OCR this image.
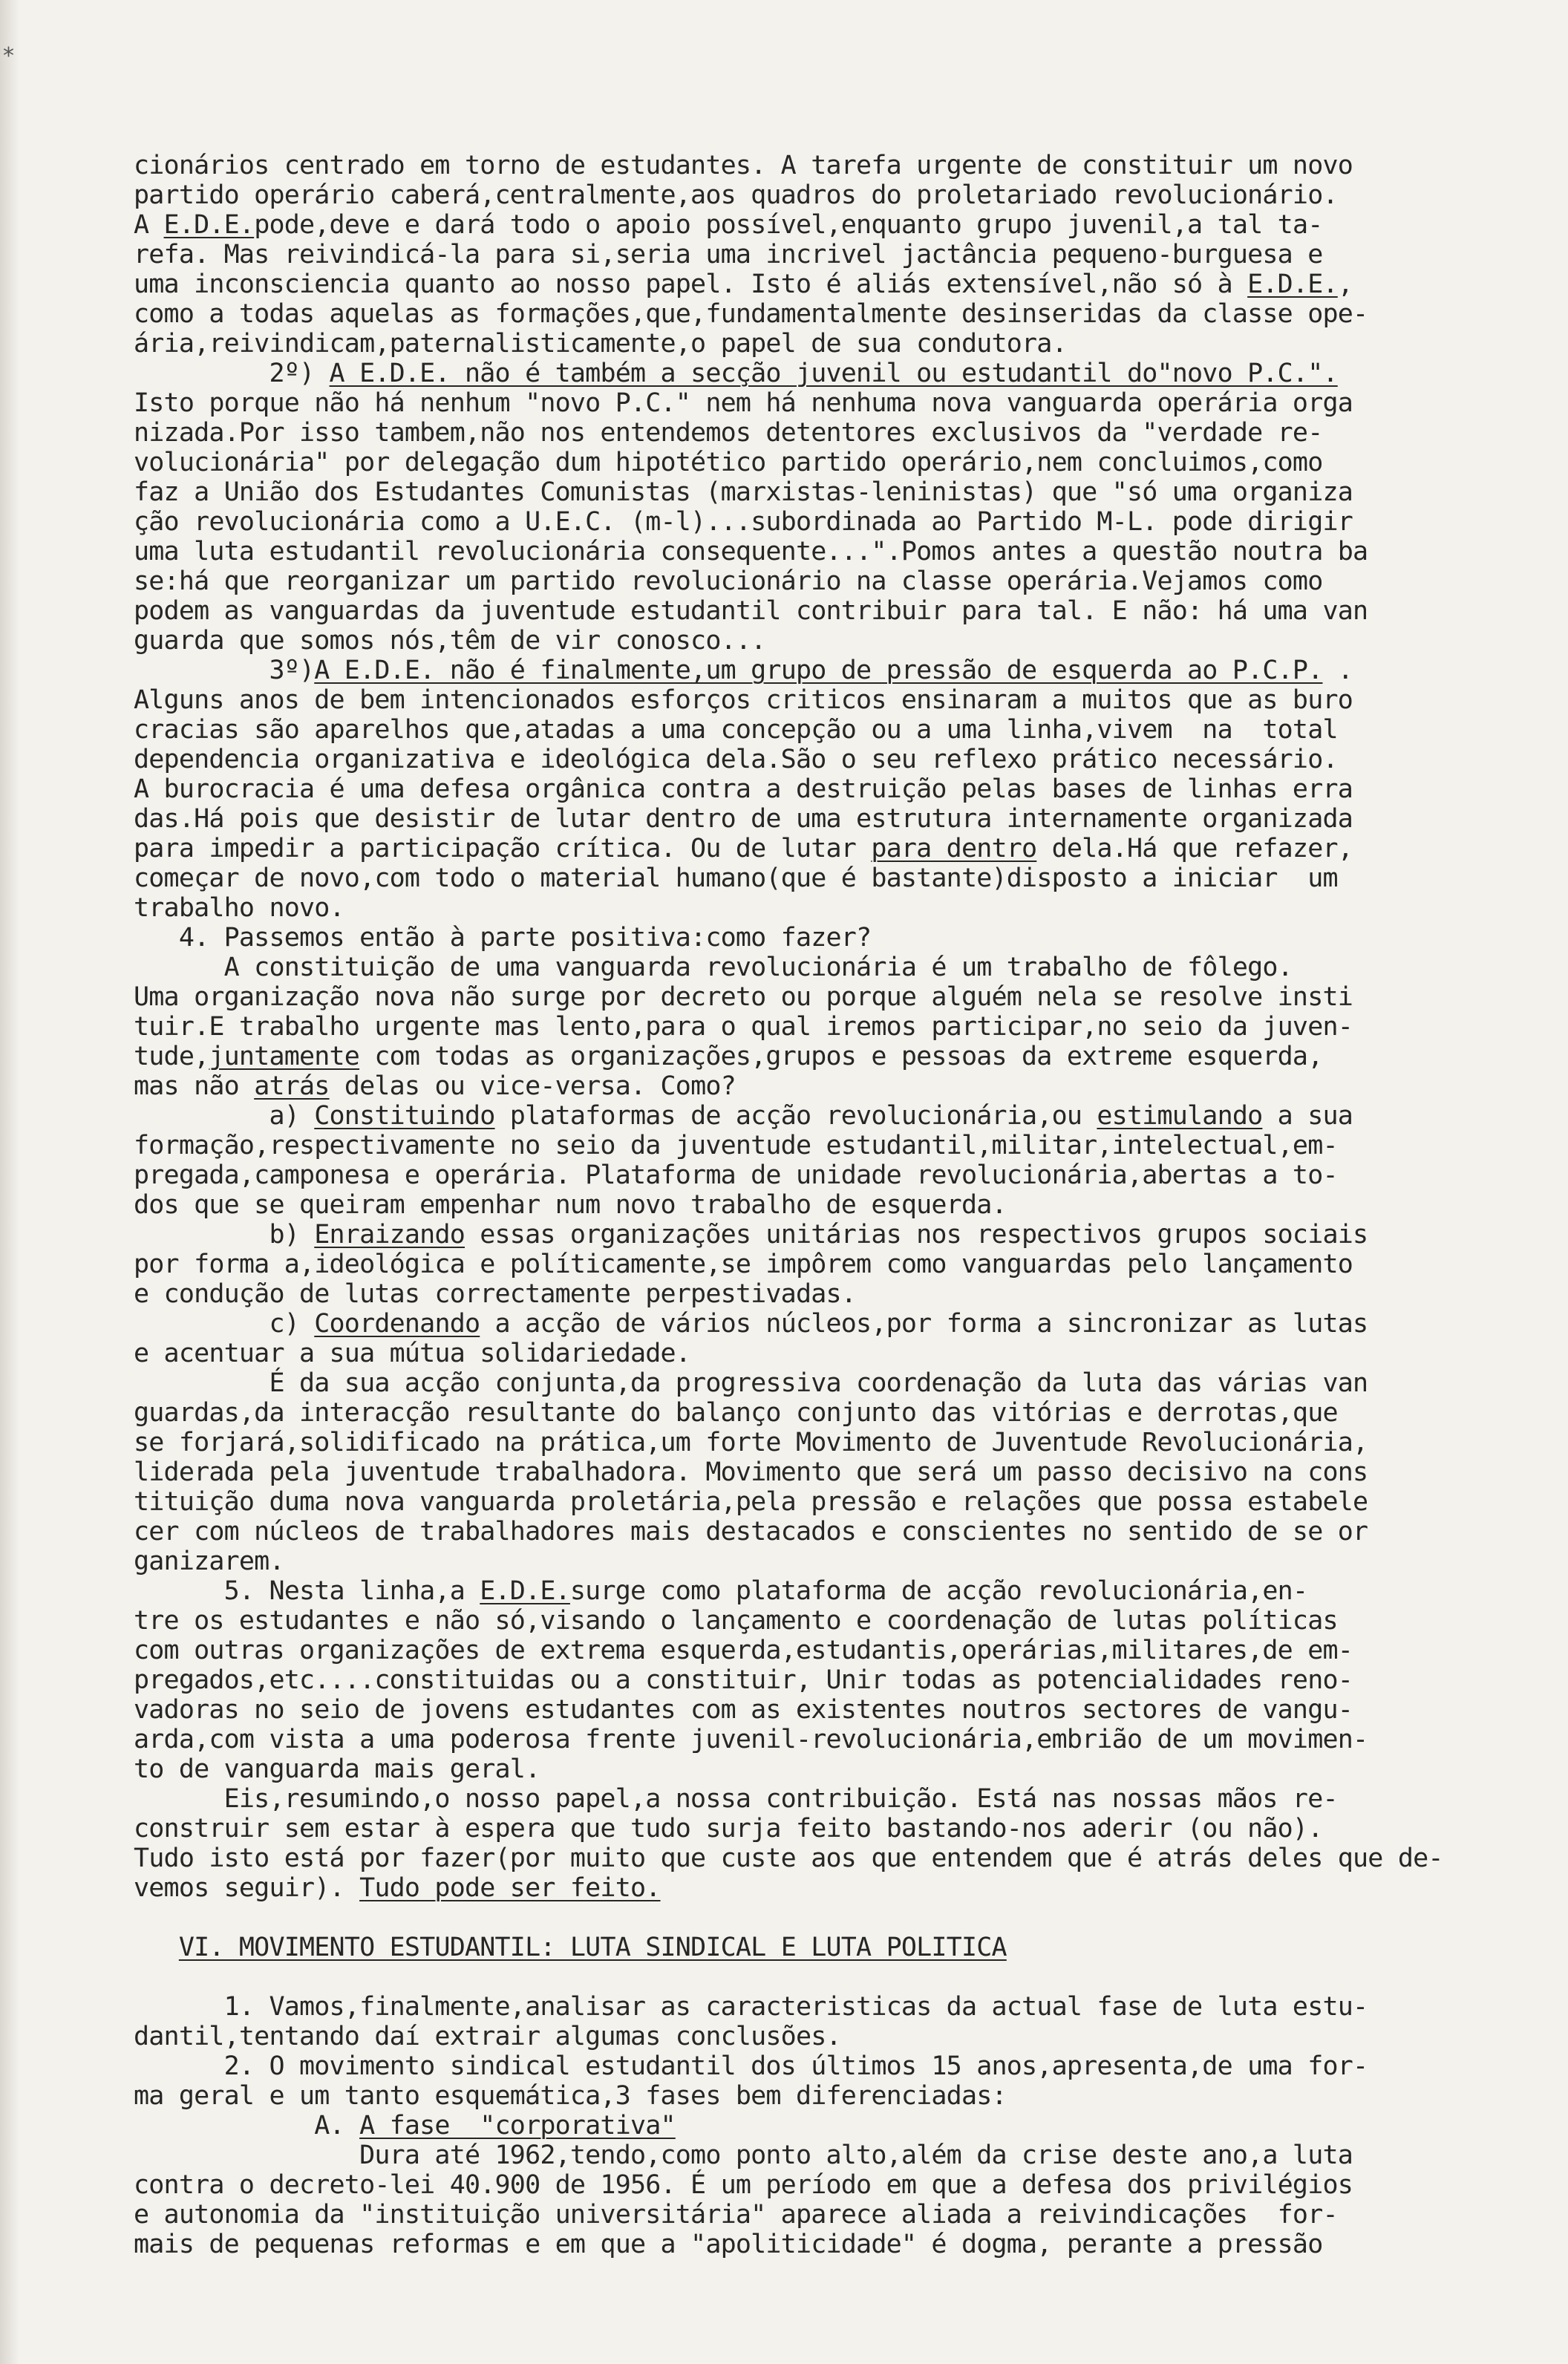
*
cionários centrado em torno de estudantes. A tarefa urgente de constituir um novo
partido operário caberá,centralmente,aos quadros do proletariado revolucionário.
A E.D.E.pode,deve e dará todo o apoio possível,enquanto grupo juvenil,a tal ta-
refa. Mas reivindicá-la para si,seria uma incrivel jactância pequeno-burguesa e
uma inconsciencia quanto ao nosso papel. Isto é aliás extensível,não só à E.D.E.,
como a todas aquelas as formações,que,fundamentalmente desinseridas da classe ope-
ária,reivindicam,paternalisticamente,o papel de sua condutora.
2º) A E.D.E. não é também a secção juvenil ou estudantil do"novo P.C.".
Isto porque não há nenhum "novo P.C." nem há nenhuma nova vanguarda operária orga
nizada.Por isso tambem,não nos entendemos detentores exclusivos da "verdade re-
volucionária" por delegação dum hipotético partido operário,nem concluimos,como
faz a União dos Estudantes Comunistas (marxistas-leninistas) que "só uma organiza
ção revolucionária como a U.E.C. (m-l)...subordinada ao Partido M-L. pode dirigir
uma luta estudantil revolucionária consequente...".Pomos antes a questão noutra ba
se:há que reorganizar um partido revolucionário na classe operária.Vejamos como
podem as vanguardas da juventude estudantil contribuir para tal. E não: há uma van
guarda que somos nós,têm de vir conosco...
3º)A E.D.E. não é finalmente,um grupo de pressão de esquerda ao P.C.P. .
Alguns anos de bem intencionados esforços criticos ensinaram a muitos que as buro
cracias são aparelhos que,atadas a uma concepção ou a uma linha,vivem  na  total
dependencia organizativa e ideológica dela.São o seu reflexo prático necessário.
A burocracia é uma defesa orgânica contra a destruição pelas bases de linhas erra
das.Há pois que desistir de lutar dentro de uma estrutura internamente organizada
para impedir a participação crítica. Ou de lutar para dentro dela.Há que refazer,
começar de novo,com todo o material humano(que é bastante)disposto a iniciar  um
trabalho novo.
4. Passemos então à parte positiva:como fazer?
A constituição de uma vanguarda revolucionária é um trabalho de fôlego.
Uma organização nova não surge por decreto ou porque alguém nela se resolve insti
tuir.E trabalho urgente mas lento,para o qual iremos participar,no seio da juven-
tude,juntamente com todas as organizações,grupos e pessoas da extreme esquerda,
mas não atrás delas ou vice-versa. Como?
a) Constituindo plataformas de acção revolucionária,ou estimulando a sua
formação,respectivamente no seio da juventude estudantil,militar,intelectual,em-
pregada,camponesa e operária. Plataforma de unidade revolucionária,abertas a to-
dos que se queiram empenhar num novo trabalho de esquerda.
b) Enraizando essas organizações unitárias nos respectivos grupos sociais
por forma a,ideológica e políticamente,se impôrem como vanguardas pelo lançamento
e condução de lutas correctamente perpestivadas.
c) Coordenando a acção de vários núcleos,por forma a sincronizar as lutas
e acentuar a sua mútua solidariedade.
É da sua acção conjunta,da progressiva coordenação da luta das várias van
guardas,da interacção resultante do balanço conjunto das vitórias e derrotas,que
se forjará,solidificado na prática,um forte Movimento de Juventude Revolucionária,
liderada pela juventude trabalhadora. Movimento que será um passo decisivo na cons
tituição duma nova vanguarda proletária,pela pressão e relações que possa estabele
cer com núcleos de trabalhadores mais destacados e conscientes no sentido de se or
ganizarem.
5. Nesta linha,a E.D.E.surge como plataforma de acção revolucionária,en-
tre os estudantes e não só,visando o lançamento e coordenação de lutas políticas
com outras organizações de extrema esquerda,estudantis,operárias,militares,de em-
pregados,etc....constituidas ou a constituir, Unir todas as potencialidades reno-
vadoras no seio de jovens estudantes com as existentes noutros sectores de vangu-
arda,com vista a uma poderosa frente juvenil-revolucionária,embrião de um movimen-
to de vanguarda mais geral.
Eis,resumindo,o nosso papel,a nossa contribuição. Está nas nossas mãos re-
construir sem estar à espera que tudo surja feito bastando-nos aderir (ou não).
Tudo isto está por fazer(por muito que custe aos que entendem que é atrás deles que de-
vemos seguir). Tudo pode ser feito.
VI. MOVIMENTO ESTUDANTIL: LUTA SINDICAL E LUTA POLITICA
1. Vamos,finalmente,analisar as caracteristicas da actual fase de luta estu-
dantil,tentando daí extrair algumas conclusões.
2. O movimento sindical estudantil dos últimos 15 anos,apresenta,de uma for-
ma geral e um tanto esquemática,3 fases bem diferenciadas:
A. A fase  "corporativa"
Dura até 1962,tendo,como ponto alto,além da crise deste ano,a luta
contra o decreto-lei 40.900 de 1956. É um período em que a defesa dos privilégios
e autonomia da "instituição universitária" aparece aliada a reivindicações  for-
mais de pequenas reformas e em que a "apoliticidade" é dogma, perante a pressão
